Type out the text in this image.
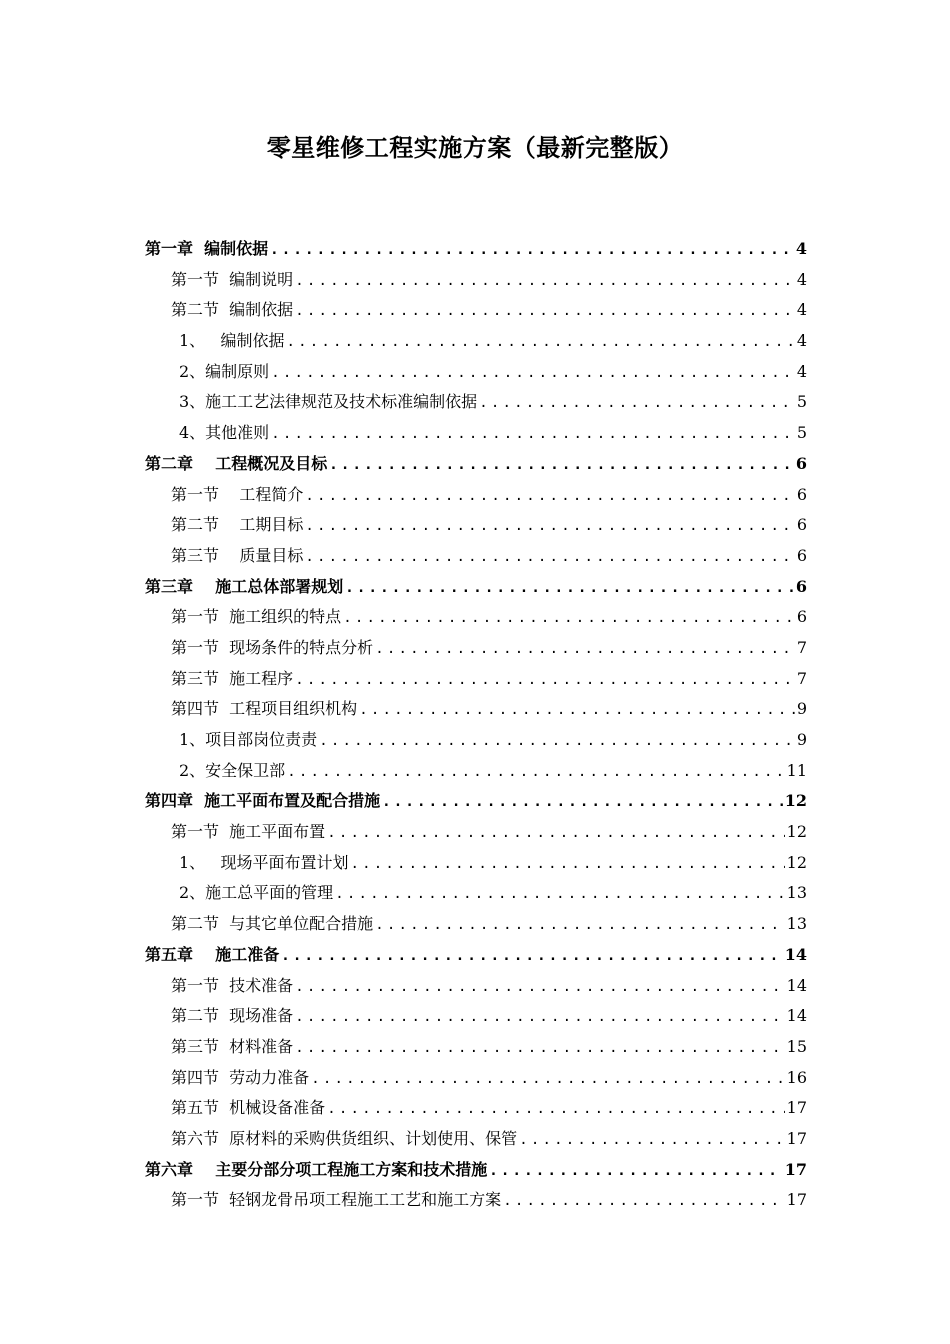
零星维修工程实施方案（最新完整版）
第一章  编制依据 .....	4
第一节  编制说明 .....	4
第二节  编制依据 .....	4
1、   编制依据 .....	4
2、编制原则 .....	4
3、施工工艺法律规范及技术标准编制依据 .....	5
4、其他准则 .....	5
第二章    工程概况及目标 .....	6
第一节    工程简介 .....	6
第二节    工期目标 .....	6
第三节    质量目标 .....	6
第三章    施工总体部署规划 .....	6
第一节  施工组织的特点 .....	6
第一节  现场条件的特点分析 .....	7
第三节  施工程序 .....	7
第四节  工程项目组织机构 .....	9
1、项目部岗位责责 .....	9
2、安全保卫部 .....	11
第四章  施工平面布置及配合措施 .....	12
第一节  施工平面布置 .....	12
1、   现场平面布置计划 .....	12
2、施工总平面的管理 .....	13
第二节  与其它单位配合措施 .....	13
第五章    施工准备 .....	14
第一节  技术准备 .....	14
第二节  现场准备 .....	14
第三节  材料准备 .....	15
第四节  劳动力准备 .....	16
第五节  机械设备准备 .....	17
第六节  原材料的采购供货组织、计划使用、保管 .....	17
第六章    主要分部分项工程施工方案和技术措施 .....	17
第一节  轻钢龙骨吊项工程施工工艺和施工方案 .....	17
